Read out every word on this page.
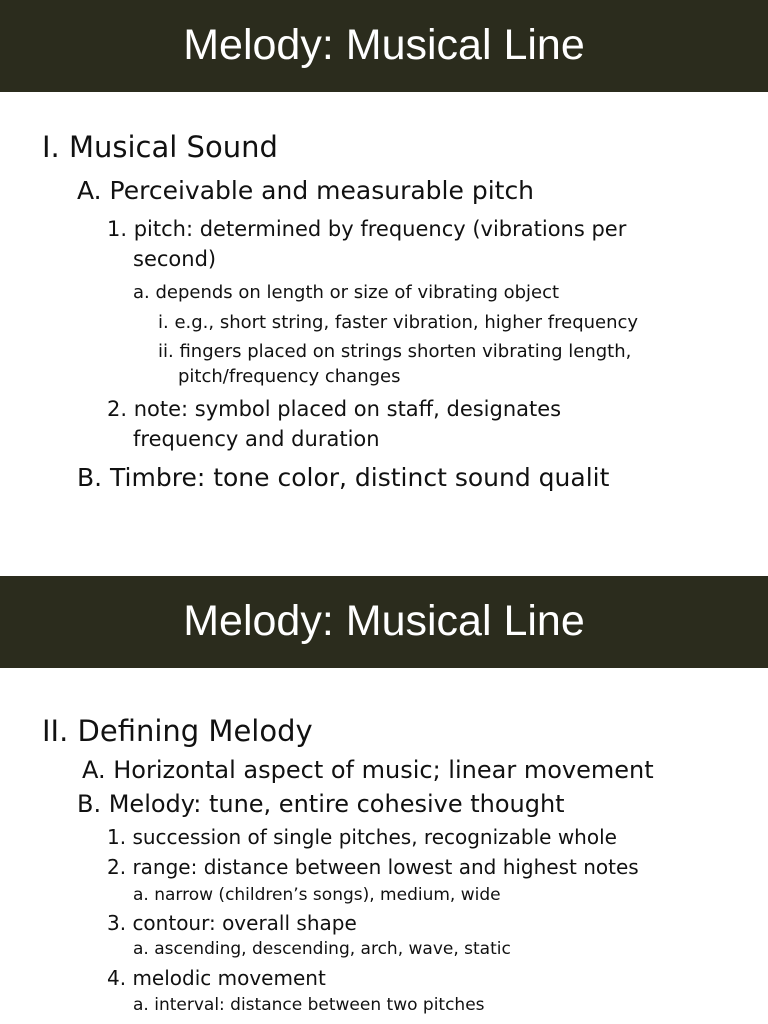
Melody: Musical Line

I. Musical Sound

A. Perceivable and measurable pitch

1. pitch: determined by frequency (vibrations per

second)

a. depends on length or size of vibrating object

i. e.g., short string, faster vibration, higher frequency

ii. fingers placed on strings shorten vibrating length,

pitch/frequency changes

2. note: symbol placed on staff, designates

frequency and duration

B. Timbre: tone color, distinct sound qualit

Melody: Musical Line

II. Defining Melody

A. Horizontal aspect of music; linear movement

B. Melody: tune, entire cohesive thought

1. succession of single pitches, recognizable whole

2. range: distance between lowest and highest notes

a. narrow (children’s songs), medium, wide

3. contour: overall shape

a. ascending, descending, arch, wave, static

4. melodic movement

a. interval: distance between two pitches
